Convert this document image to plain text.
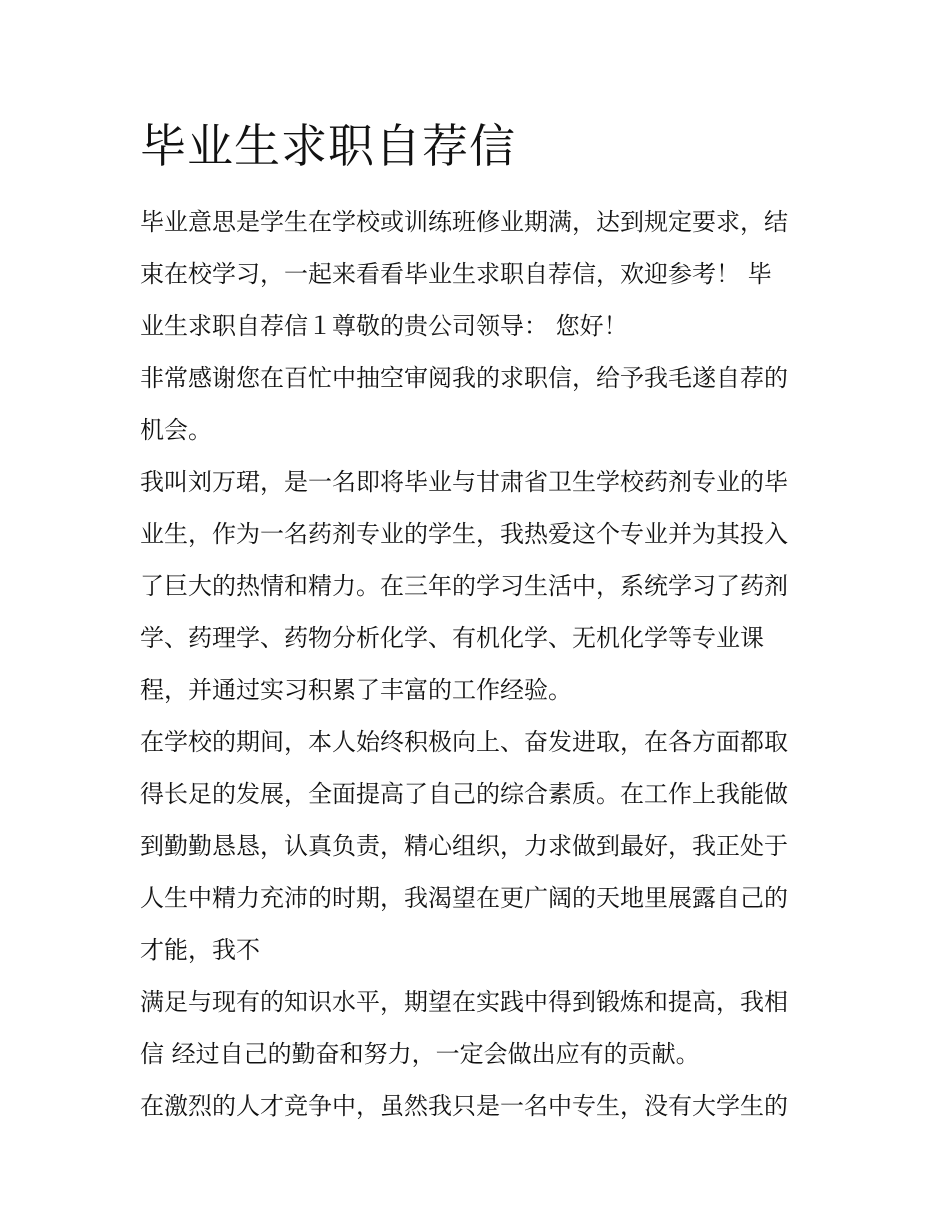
毕业生求职自荐信
毕业意思是学生在学校或训练班修业期满，达到规定要求，结
束在校学习，一起来看看毕业生求职自荐信，欢迎参考！ 毕
业生求职自荐信１尊敬的贵公司领导： 您好！
非常感谢您在百忙中抽空审阅我的求职信，给予我毛遂自荐的
机会。
我叫刘万珺，是一名即将毕业与甘肃省卫生学校药剂专业的毕
业生，作为一名药剂专业的学生，我热爱这个专业并为其投入
了巨大的热情和精力。在三年的学习生活中，系统学习了药剂
学、药理学、药物分析化学、有机化学、无机化学等专业课
程，并通过实习积累了丰富的工作经验。
在学校的期间，本人始终积极向上、奋发进取，在各方面都取
得长足的发展，全面提高了自己的综合素质。在工作上我能做
到勤勤恳恳，认真负责，精心组织，力求做到最好，我正处于
人生中精力充沛的时期，我渴望在更广阔的天地里展露自己的
才能，我不
满足与现有的知识水平，期望在实践中得到锻炼和提高，我相
信 经过自己的勤奋和努力，一定会做出应有的贡献。
在激烈的人才竞争中，虽然我只是一名中专生，没有大学生的
